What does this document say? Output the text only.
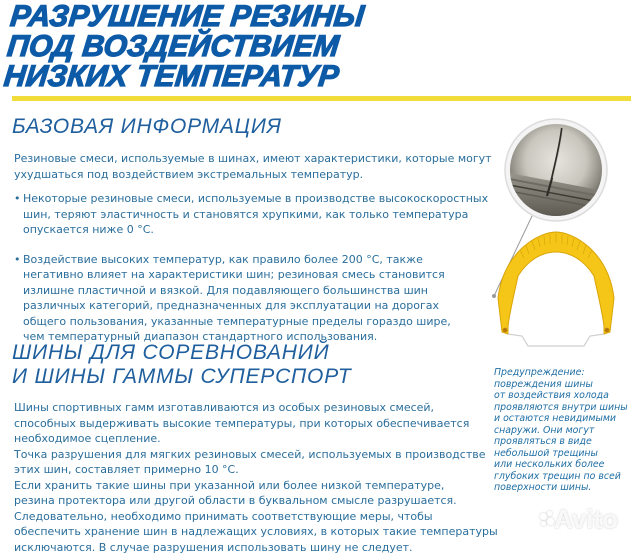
РАЗРУШЕНИЕ РЕЗИНЫ
ПОД ВОЗДЕЙСТВИЕМ
НИЗКИХ ТЕМПЕРАТУР
БАЗОВАЯ ИНФОРМАЦИЯ

Резиновые смеси, используемые в шинах, имеют характеристики, которые могут
ухудшаться под воздействием экстремальных температур.

• Некоторые резиновые смеси, используемые в производстве высокоскоростных
шин, теряют эластичность и становятся хрупкими, как только температура
опускается ниже 0 °С.
• Воздействие высоких температур, как правило более 200 °С, также
негативно влияет на характеристики шин; резиновая смесь становится
излишне пластичной и вязкой. Для подавляющего большинства шин
различных категорий, предназначенных для эксплуатации на дорогах
общего пользования, указанные температурные пределы гораздо шире,
чем температурный диапазон стандартного использования.
ШИНЫ ДЛЯ СОРЕВНОВАНИЙ
И ШИНЫ ГАММЫ СУПЕРСПОРТ

Шины спортивных гамм изготавливаются из особых резиновых смесей,
способных выдерживать высокие температуры, при которых обеспечивается
необходимое сцепление.
Точка разрушения для мягких резиновых смесей, используемых в производстве
этих шин, составляет примерно 10 °С.
Если хранить такие шины при указанной или более низкой температуре,
резина протектора или другой области в буквальном смысле разрушается.
Следовательно, необходимо принимать соответствующие меры, чтобы
обеспечить хранение шин в надлежащих условиях, в которых такие температуры
исключаются. В случае разрушения использовать шину не следует.

Предупреждение:
повреждения шины
от воздействия холода
проявляются внутри шины
и остаются невидимыми
снаружи. Они могут
проявляться в виде
небольшой трещины
или нескольких более
глубоких трещин по всей
поверхности шины.

Avito
